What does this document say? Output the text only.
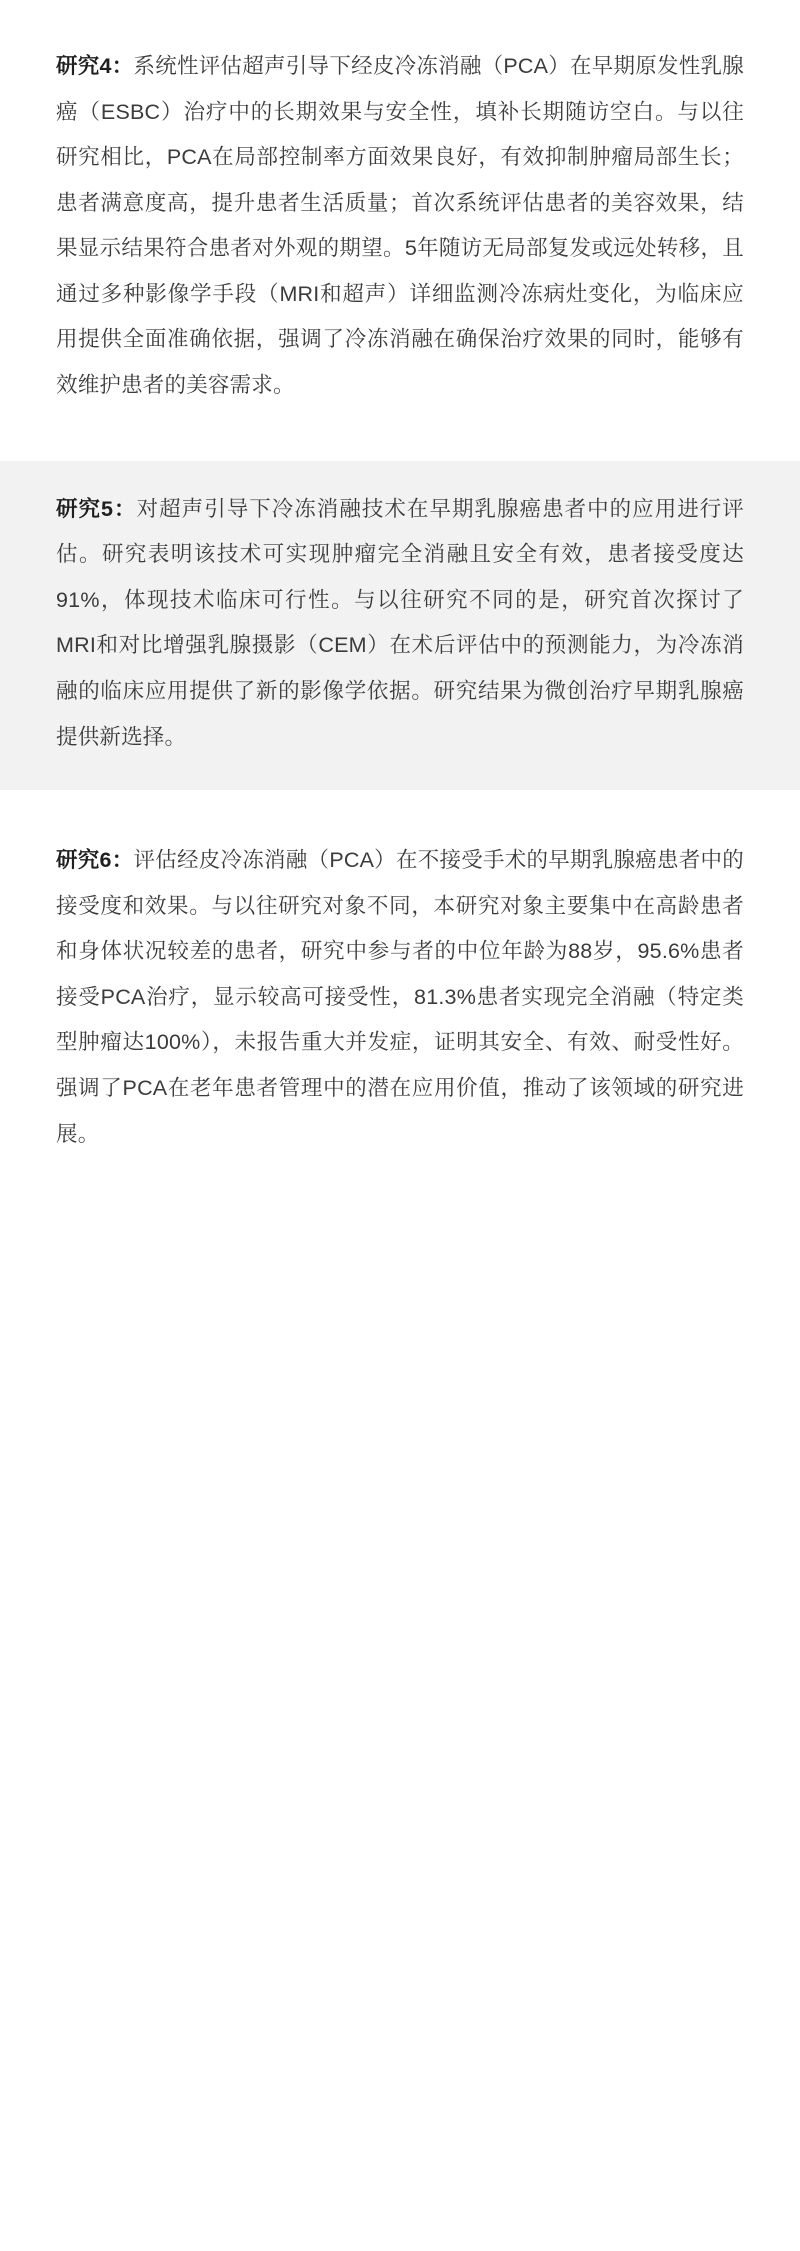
研究4：系统性评估超声引导下经皮冷冻消融（PCA）在早期原发性乳腺癌（ESBC）治疗中的长期效果与安全性，填补长期随访空白。与以往研究相比，PCA在局部控制率方面效果良好，有效抑制肿瘤局部生长；患者满意度高，提升患者生活质量；首次系统评估患者的美容效果，结果显示结果符合患者对外观的期望。5年随访无局部复发或远处转移，且通过多种影像学手段（MRI和超声）详细监测冷冻病灶变化，为临床应用提供全面准确依据，强调了冷冻消融在确保治疗效果的同时，能够有效维护患者的美容需求。

研究5：对超声引导下冷冻消融技术在早期乳腺癌患者中的应用进行评估。研究表明该技术可实现肿瘤完全消融且安全有效，患者接受度达91%，体现技术临床可行性。与以往研究不同的是，研究首次探讨了MRI和对比增强乳腺摄影（CEM）在术后评估中的预测能力，为冷冻消融的临床应用提供了新的影像学依据。研究结果为微创治疗早期乳腺癌提供新选择。

研究6：评估经皮冷冻消融（PCA）在不接受手术的早期乳腺癌患者中的接受度和效果。与以往研究对象不同，本研究对象主要集中在高龄患者和身体状况较差的患者，研究中参与者的中位年龄为88岁，95.6%患者接受PCA治疗，显示较高可接受性，81.3%患者实现完全消融（特定类型肿瘤达100%），未报告重大并发症，证明其安全、有效、耐受性好。强调了PCA在老年患者管理中的潜在应用价值，推动了该领域的研究进展。
